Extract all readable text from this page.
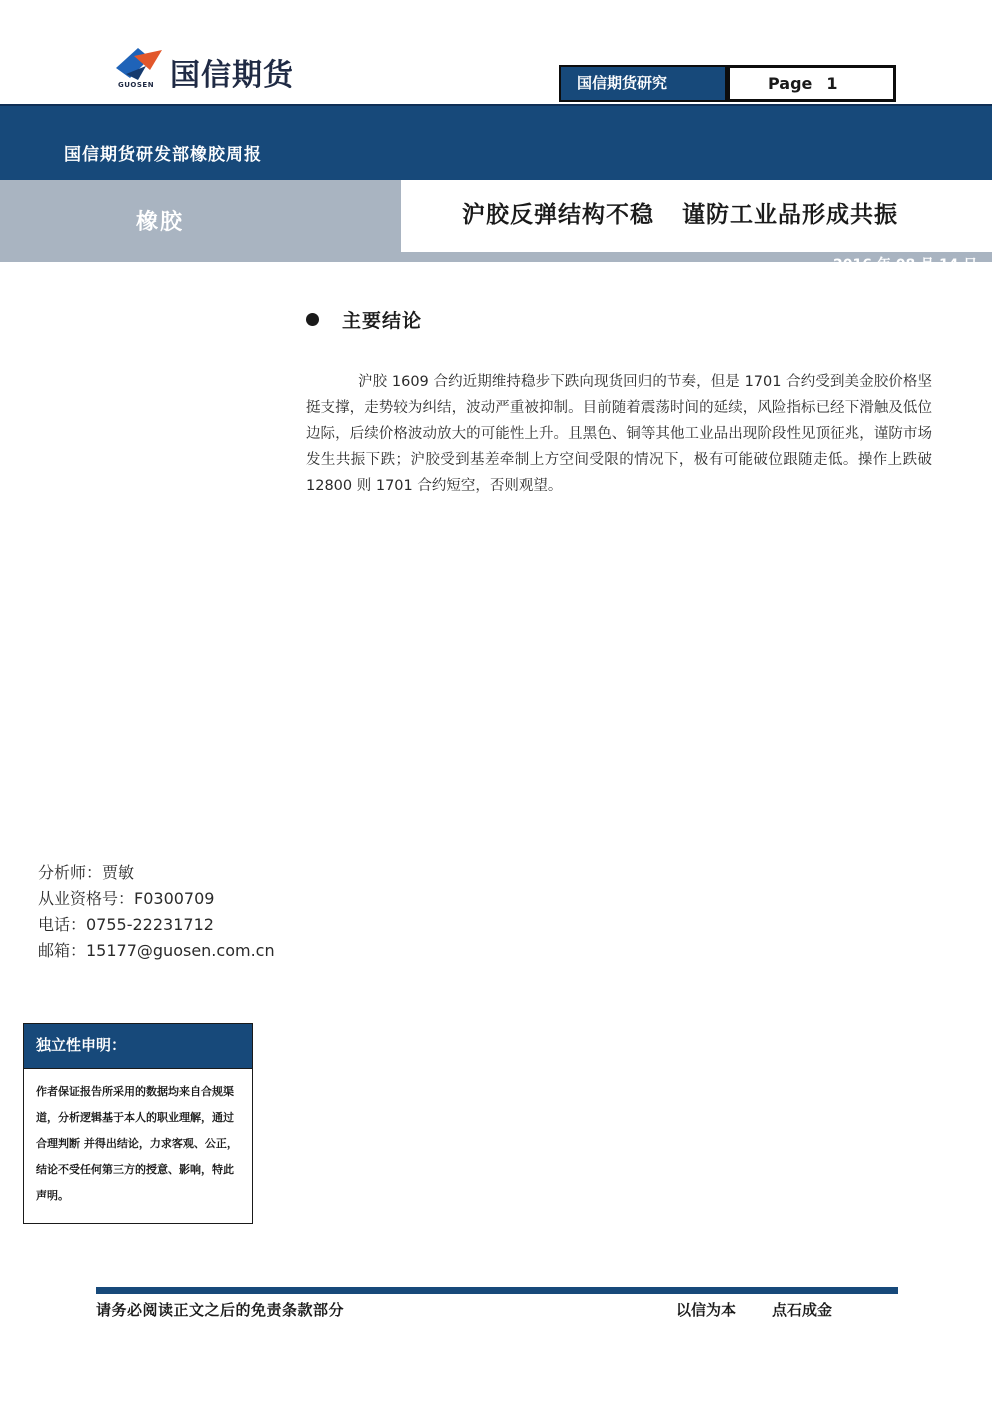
国信期货
GUOSEN	国信期货研究	Page 1
国信期货研发部橡胶周报
橡胶	沪胶反弹结构不稳 谨防工业品形成共振
2016 年 08 月 14 日
主要结论

沪胶 1609 合约近期维持稳步下跌向现货回归的节奏，但是 1701 合约受到美金胶价格坚挺支撑，走势较为纠结，波动严重被抑制。目前随着震荡时间的延续，风险指标已经下滑触及低位边际，后续价格波动放大的可能性上升。且黑色、铜等其他工业品出现阶段性见顶征兆，谨防市场发生共振下跌；沪胶受到基差牵制上方空间受限的情况下，极有可能破位跟随走低。操作上跌破 12800 则 1701 合约短空，否则观望。

分析师：贾敏
从业资格号：F0300709
电话：0755-22231712
邮箱：15177@guosen.com.cn
独立性申明：
作者保证报告所采用的数据均来自合规渠道，分析逻辑基于本人的职业理解，通过合理判断 并得出结论，力求客观、公正，结论不受任何第三方的授意、影响，特此声明。
请务必阅读正文之后的免责条款部分	以信为本 点石成金
